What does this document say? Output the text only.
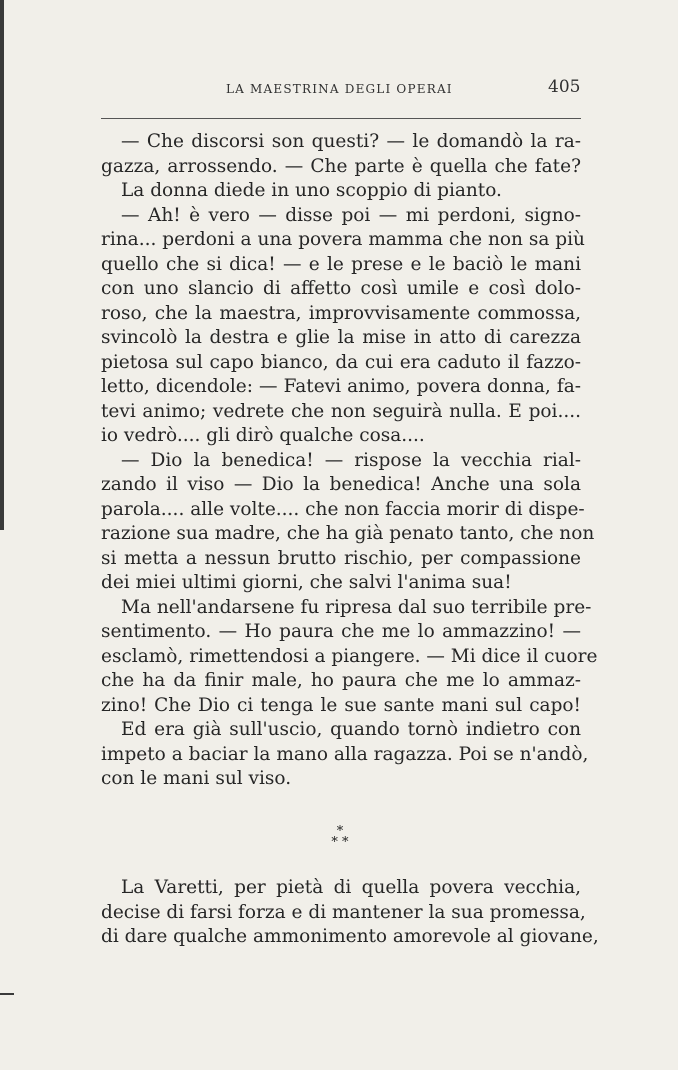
LA MAESTRINA DEGLI OPERAI	405
— Che discorsi son questi? — le domandò la ra-
gazza, arrossendo. — Che parte è quella che fate?
La donna diede in uno scoppio di pianto.
— Ah! è vero — disse poi — mi perdoni, signo-
rina... perdoni a una povera mamma che non sa più
quello che si dica! — e le prese e le baciò le mani
con uno slancio di affetto così umile e così dolo-
roso, che la maestra, improvvisamente commossa,
svincolò la destra e glie la mise in atto di carezza
pietosa sul capo bianco, da cui era caduto il fazzo-
letto, dicendole: — Fatevi animo, povera donna, fa-
tevi animo; vedrete che non seguirà nulla. E poi....
io vedrò.... gli dirò qualche cosa....
— Dio la benedica! — rispose la vecchia rial-
zando il viso — Dio la benedica! Anche una sola
parola.... alle volte.... che non faccia morir di dispe-
razione sua madre, che ha già penato tanto, che non
si metta a nessun brutto rischio, per compassione
dei miei ultimi giorni, che salvi l'anima sua!
Ma nell'andarsene fu ripresa dal suo terribile pre-
sentimento. — Ho paura che me lo ammazzino! —
esclamò, rimettendosi a piangere. — Mi dice il cuore
che ha da finir male, ho paura che me lo ammaz-
zino! Che Dio ci tenga le sue sante mani sul capo!
Ed era già sull'uscio, quando tornò indietro con
impeto a baciar la mano alla ragazza. Poi se n'andò,
con le mani sul viso.
*
* *
La Varetti, per pietà di quella povera vecchia,
decise di farsi forza e di mantener la sua promessa,
di dare qualche ammonimento amorevole al giovane,
